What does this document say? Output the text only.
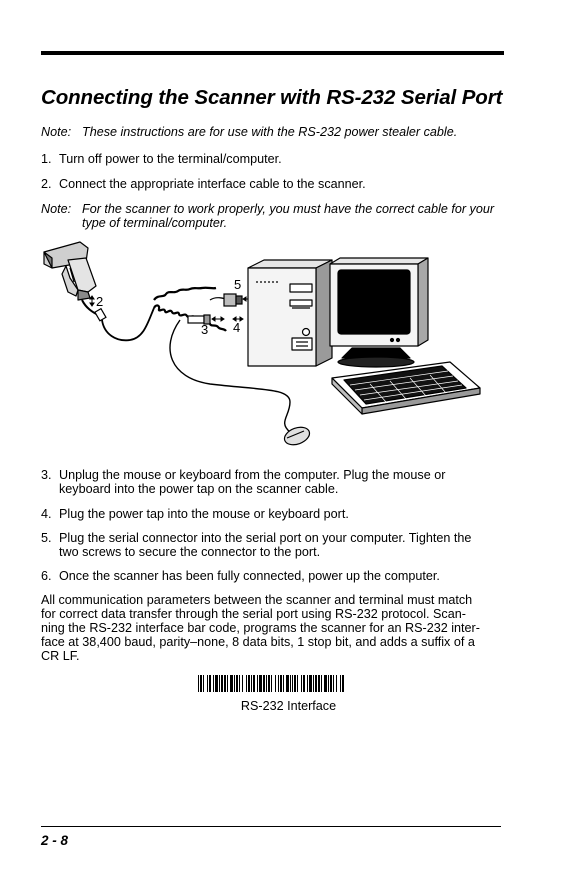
Connecting the Scanner with RS-232 Serial Port
Note: These instructions are for use with the RS-232 power stealer cable.
1. Turn off power to the terminal/computer.
2. Connect the appropriate interface cable to the scanner.
Note: For the scanner to work properly, you must have the correct cable for your
type of terminal/computer.
2
3 4
5
3. Unplug the mouse or keyboard from the computer. Plug the mouse or
keyboard into the power tap on the scanner cable.
4. Plug the power tap into the mouse or keyboard port.
5. Plug the serial connector into the serial port on your computer. Tighten the
two screws to secure the connector to the port.
6. Once the scanner has been fully connected, power up the computer.

All communication parameters between the scanner and terminal must match
for correct data transfer through the serial port using RS-232 protocol. Scan-
ning the RS-232 interface bar code, programs the scanner for an RS-232 inter-
face at 38,400 baud, parity–none, 8 data bits, 1 stop bit, and adds a suffix of a
CR LF.

RS-232 Interface
2 - 8
